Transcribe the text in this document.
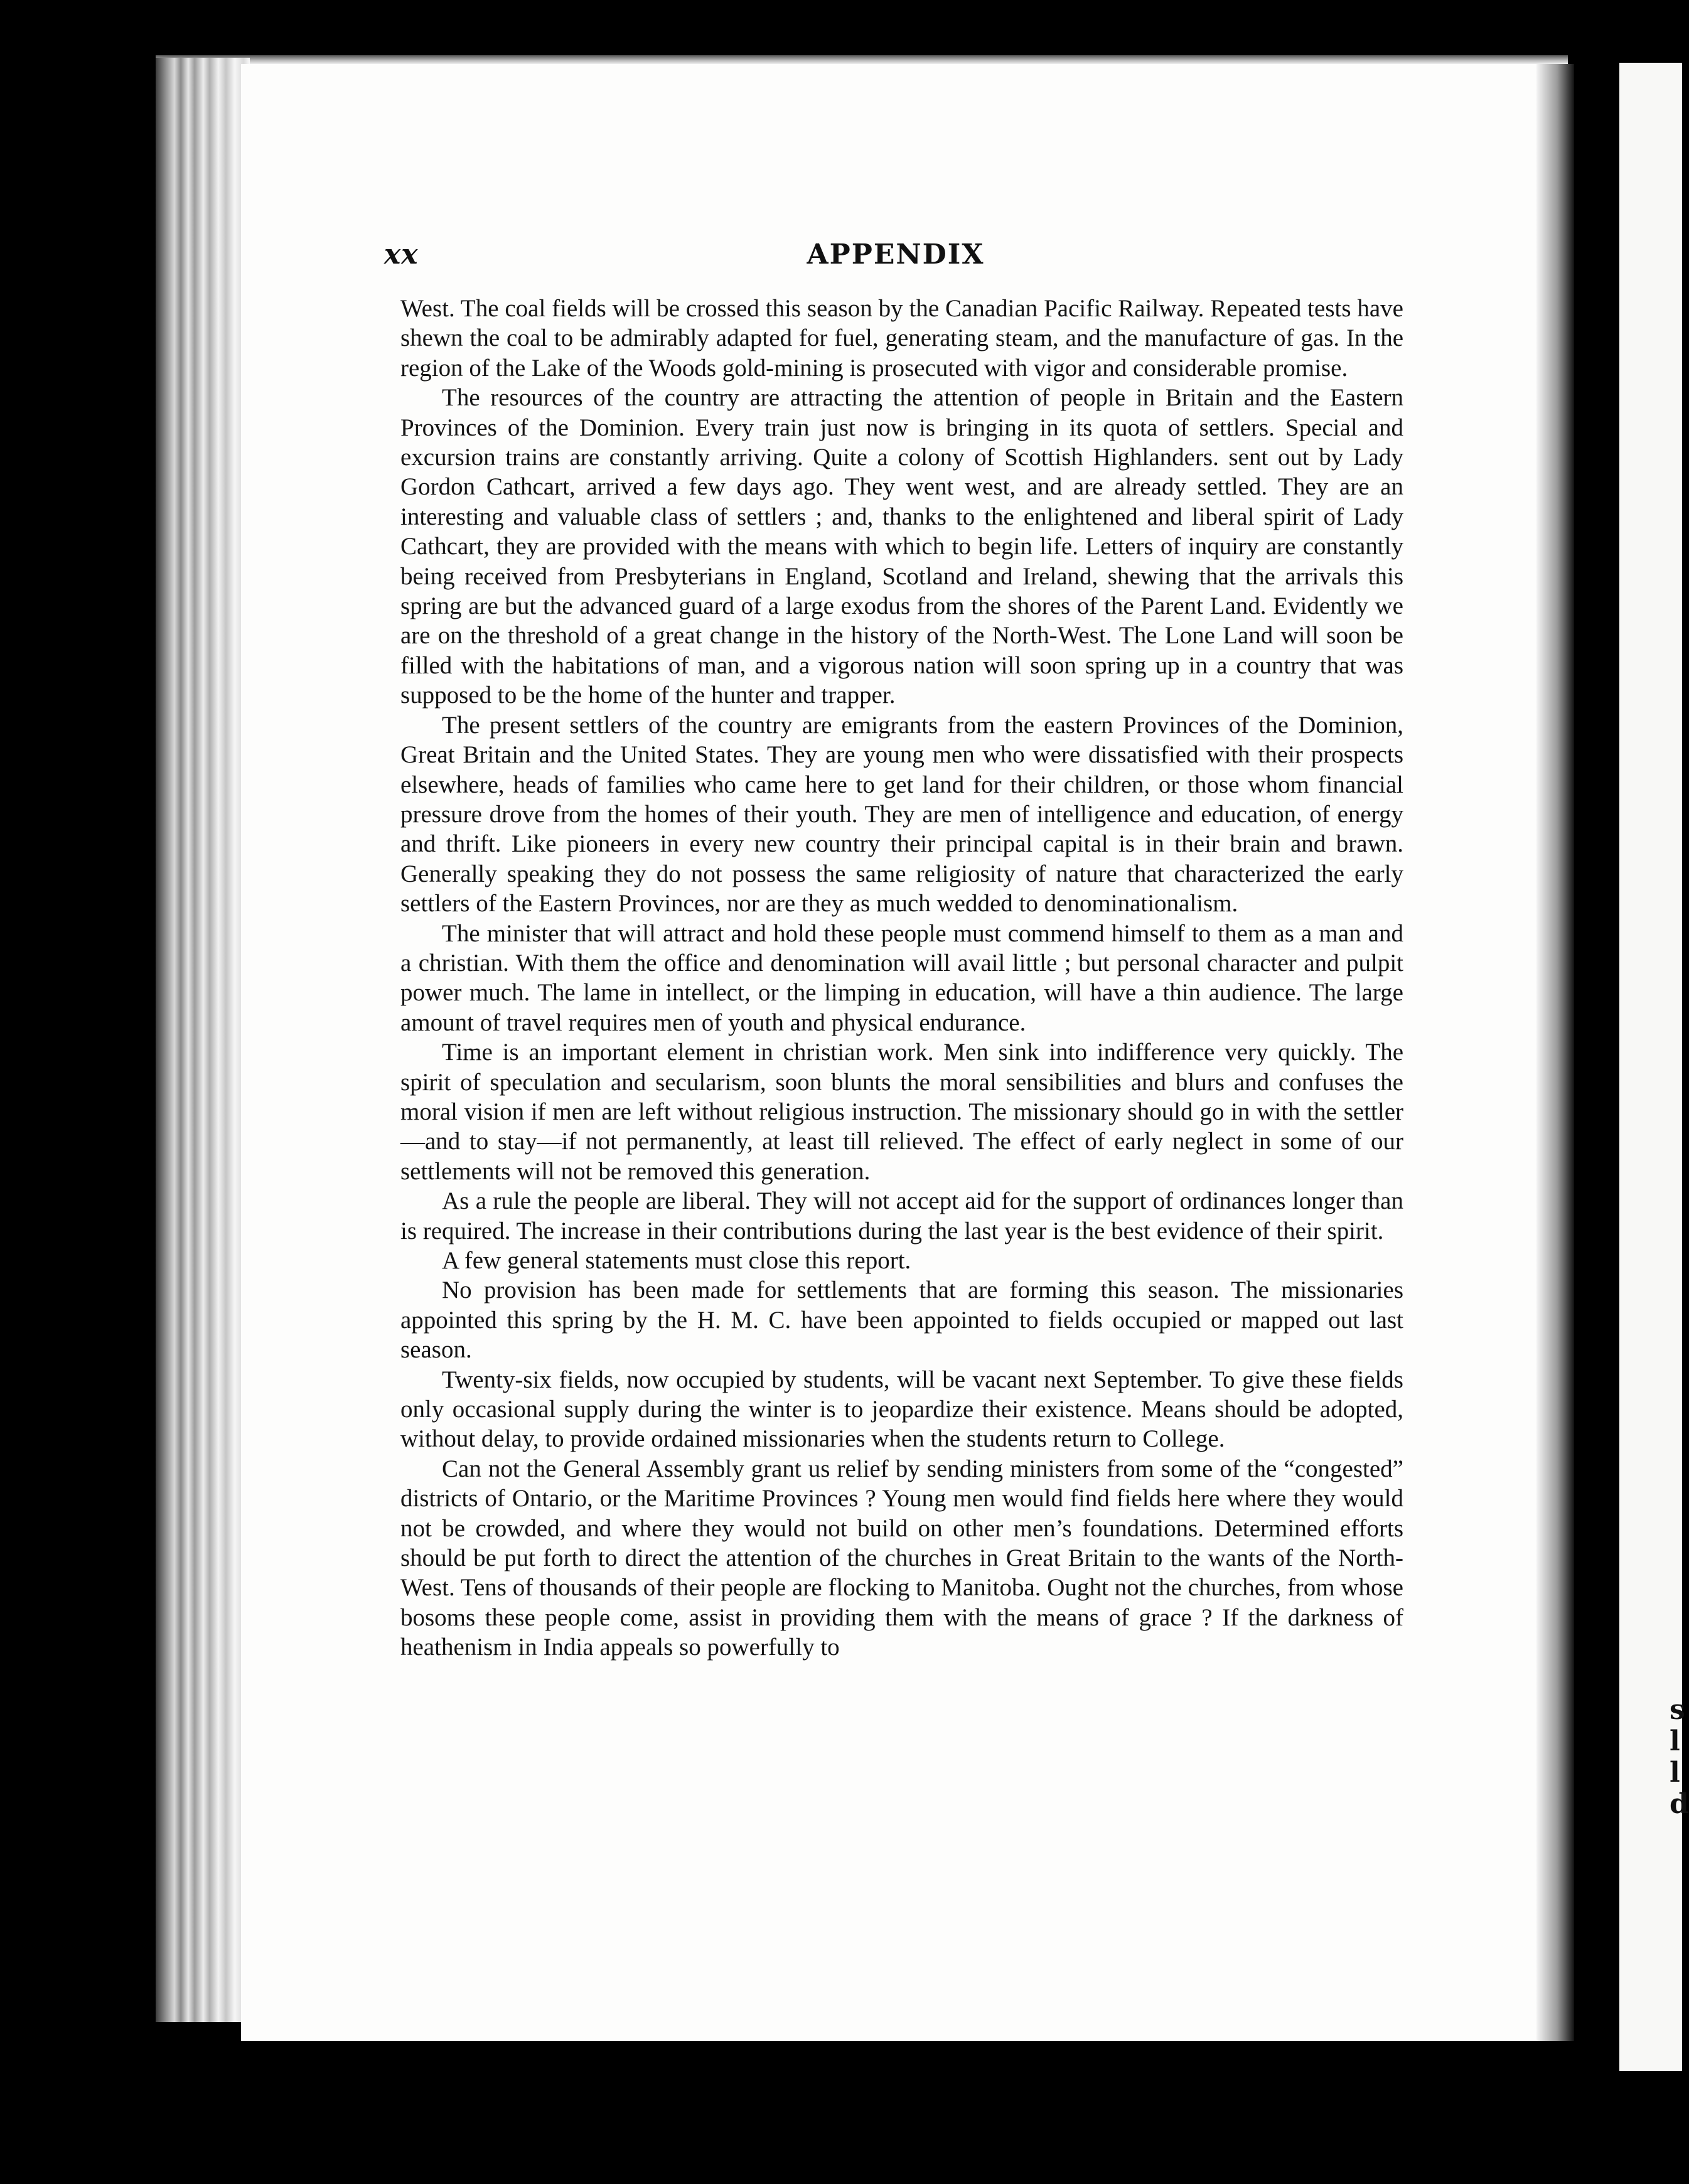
s
l
l
d
xx	APPENDIX

West. The coal fields will be crossed this season by the Canadian Pacific Railway. Repeated tests have shewn the coal to be admirably adapted for fuel, generating steam, and the manufacture of gas. In the region of the Lake of the Woods gold-mining is prosecuted with vigor and considerable promise.

The resources of the country are attracting the attention of people in Britain and the Eastern Provinces of the Dominion. Every train just now is bringing in its quota of settlers. Special and excursion trains are constantly arriving. Quite a colony of Scottish Highlanders. sent out by Lady Gordon Cathcart, arrived a few days ago. They went west, and are already settled. They are an interesting and valuable class of settlers ; and, thanks to the enlightened and liberal spirit of Lady Cathcart, they are provided with the means with which to begin life. Letters of inquiry are constantly being received from Presbyterians in England, Scotland and Ireland, shewing that the arrivals this spring are but the advanced guard of a large exodus from the shores of the Parent Land. Evidently we are on the threshold of a great change in the history of the North-West. The Lone Land will soon be filled with the habitations of man, and a vigorous nation will soon spring up in a country that was supposed to be the home of the hunter and trapper.

The present settlers of the country are emigrants from the eastern Provinces of the Dominion, Great Britain and the United States. They are young men who were dissatisfied with their prospects elsewhere, heads of families who came here to get land for their children, or those whom financial pressure drove from the homes of their youth. They are men of intelligence and education, of energy and thrift. Like pioneers in every new country their principal capital is in their brain and brawn. Generally speaking they do not possess the same religiosity of nature that characterized the early settlers of the Eastern Provinces, nor are they as much wedded to denominationalism.

The minister that will attract and hold these people must commend himself to them as a man and a christian. With them the office and denomination will avail little ; but personal character and pulpit power much. The lame in intellect, or the limping in education, will have a thin audience. The large amount of travel requires men of youth and physical endurance.

Time is an important element in christian work. Men sink into indifference very quickly. The spirit of speculation and secularism, soon blunts the moral sensibilities and blurs and confuses the moral vision if men are left without religious instruction. The missionary should go in with the settler—and to stay—if not permanently, at least till relieved. The effect of early neglect in some of our settlements will not be removed this generation.

As a rule the people are liberal. They will not accept aid for the support of ordinances longer than is required. The increase in their contributions during the last year is the best evidence of their spirit.

A few general statements must close this report.

No provision has been made for settlements that are forming this season. The missionaries appointed this spring by the H. M. C. have been appointed to fields occupied or mapped out last season.

Twenty-six fields, now occupied by students, will be vacant next September. To give these fields only occasional supply during the winter is to jeopardize their existence. Means should be adopted, without delay, to provide ordained missionaries when the students return to College.

Can not the General Assembly grant us relief by sending ministers from some of the “congested” districts of Ontario, or the Maritime Provinces ? Young men would find fields here where they would not be crowded, and where they would not build on other men’s foundations. Determined efforts should be put forth to direct the attention of the churches in Great Britain to the wants of the North-West. Tens of thousands of their people are flocking to Manitoba. Ought not the churches, from whose bosoms these people come, assist in providing them with the means of grace ? If the darkness of heathenism in India appeals so powerfully to
